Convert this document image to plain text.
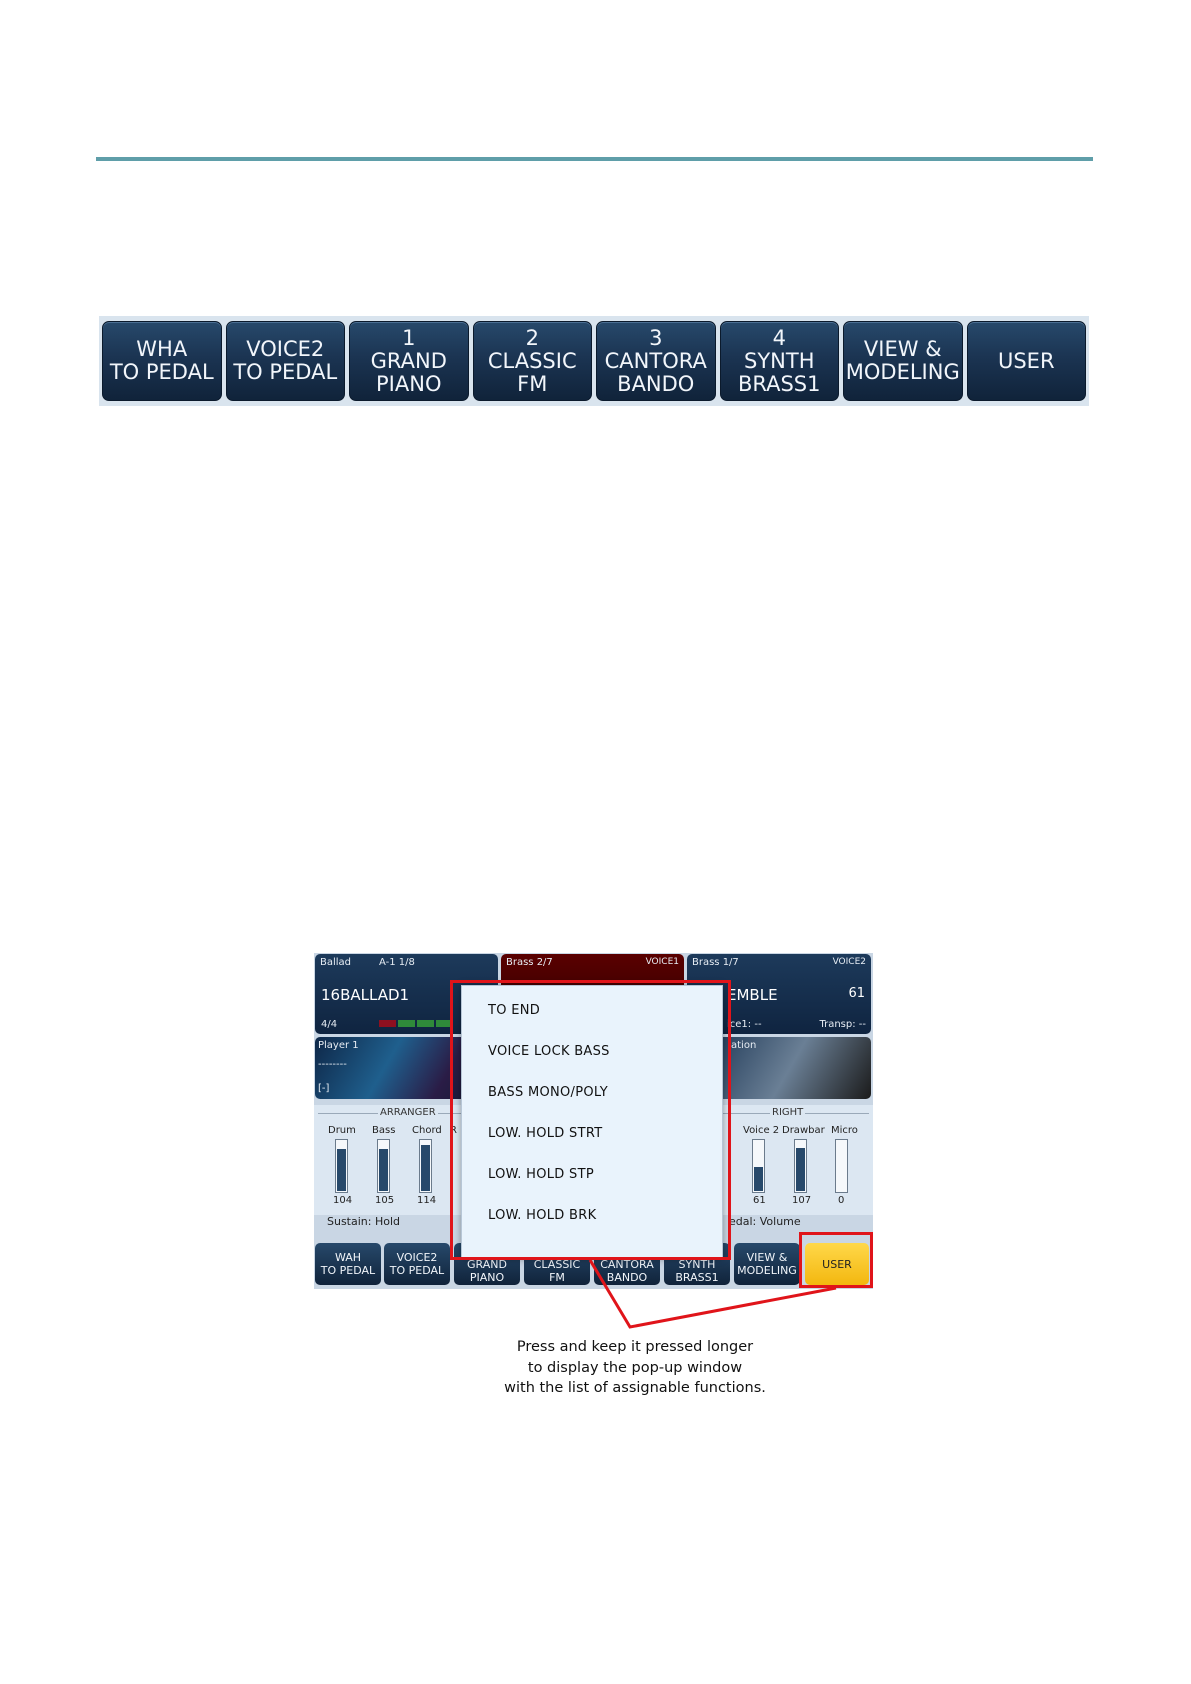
WHA
TO PEDAL
VOICE2
TO PEDAL
1
GRAND
PIANO
2
CLASSIC
FM
3
CANTORA
BANDO
4
SYNTH
BRASS1
VIEW &
MODELING USER
Ballad	A-1 1/8
16BALLAD1
4/4
Brass 2/7	VOICE1 Brass 1/7	VOICE2
EMBLE	61
ice1: --	Transp: --
Player 1
--------
[-]
ation
ARRANGER	RIGHT
Drum Bass Chord R
104 105 114
Voice 2 Drawbar Micro
61	107	0
Sustain: Hold	edal: Volume
WAH
TO PEDAL
VOICE2
TO PEDAL	GRAND
PIANO
CLASSIC
FM
CANTORA
BANDO
SYNTH
BRASS1
VIEW &
MODELING	USER
TO END
VOICE LOCK BASS
BASS MONO/POLY
LOW. HOLD STRT
LOW. HOLD STP
LOW. HOLD BRK
Press and keep it pressed longer
to display the pop-up window
with the list of assignable functions.
